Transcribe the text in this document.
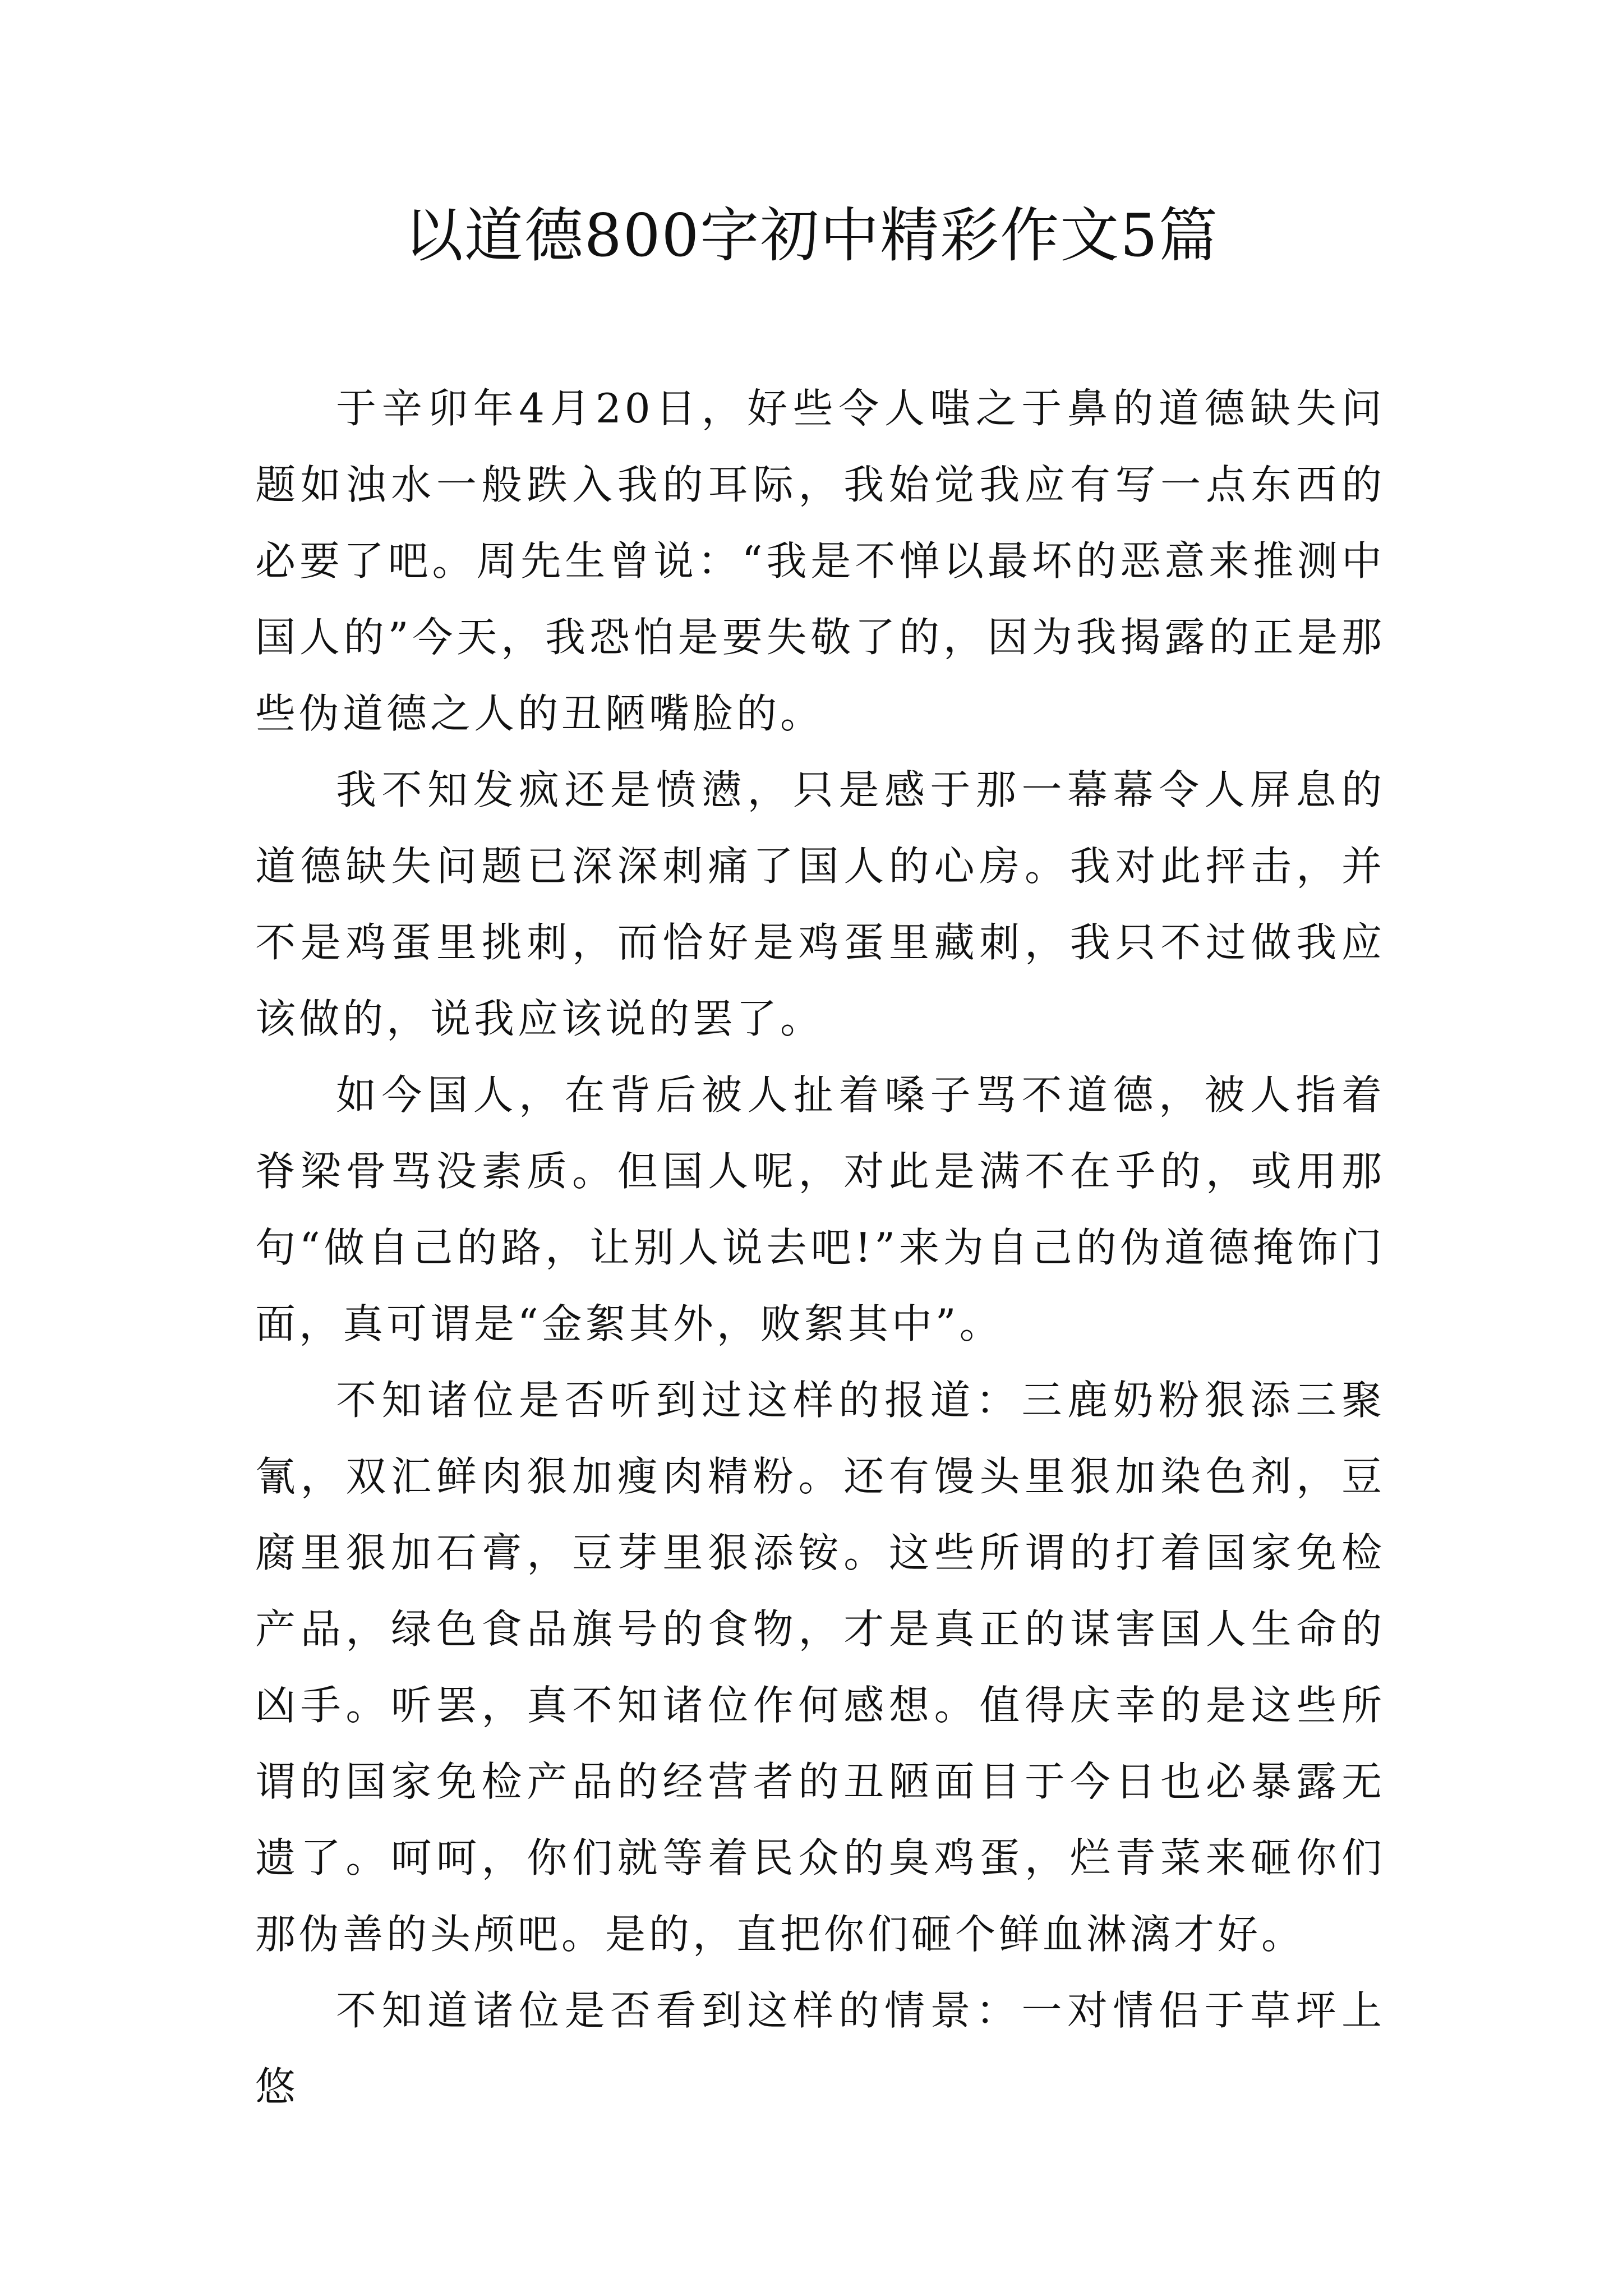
以道德800字初中精彩作文5篇

于辛卯年4月20日，好些令人嗤之于鼻的道德缺失问题如浊水一般跌入我的耳际，我始觉我应有写一点东西的必要了吧。周先生曾说：“我是不惮以最坏的恶意来推测中国人的”今天，我恐怕是要失敬了的，因为我揭露的正是那些伪道德之人的丑陋嘴脸的。

我不知发疯还是愤懑，只是感于那一幕幕令人屏息的道德缺失问题已深深刺痛了国人的心房。我对此抨击，并不是鸡蛋里挑刺，而恰好是鸡蛋里藏刺，我只不过做我应该做的，说我应该说的罢了。

如今国人，在背后被人扯着嗓子骂不道德，被人指着脊梁骨骂没素质。但国人呢，对此是满不在乎的，或用那句“做自己的路，让别人说去吧!”来为自己的伪道德掩饰门面，真可谓是“金絮其外，败絮其中”。

不知诸位是否听到过这样的报道：三鹿奶粉狠添三聚氰，双汇鲜肉狠加瘦肉精粉。还有馒头里狠加染色剂，豆腐里狠加石膏，豆芽里狠添铵。这些所谓的打着国家免检产品，绿色食品旗号的食物，才是真正的谋害国人生命的凶手。听罢，真不知诸位作何感想。值得庆幸的是这些所谓的国家免检产品的经营者的丑陋面目于今日也必暴露无遗了。呵呵，你们就等着民众的臭鸡蛋，烂青菜来砸你们那伪善的头颅吧。是的，直把你们砸个鲜血淋漓才好。

不知道诸位是否看到这样的情景：一对情侣于草坪上悠
